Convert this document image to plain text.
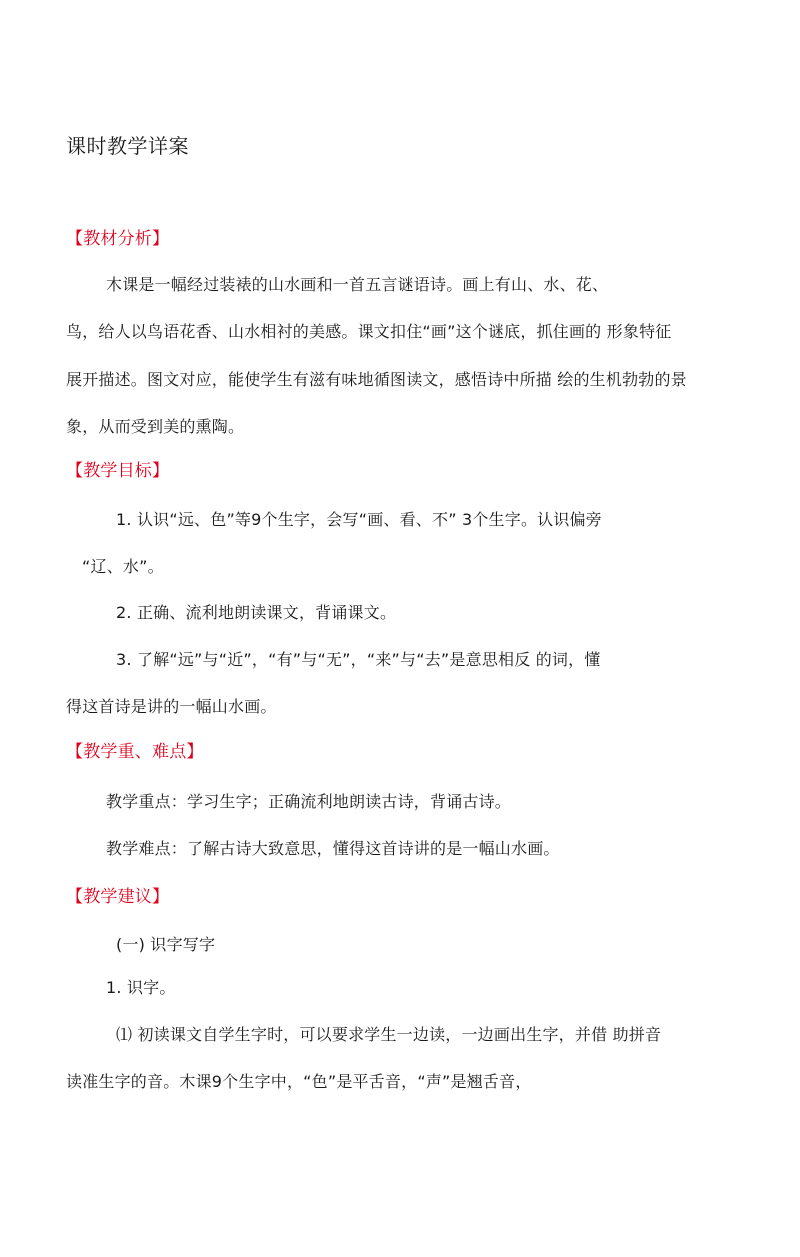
课时教学详案
【教材分析】
木课是一幅经过装裱的山水画和一首五言谜语诗。画上有山、水、花、
鸟，给人以鸟语花香、山水相衬的美感。课文扣住“画”这个谜底，抓住画的 形象特征
展开描述。图文对应，能使学生有滋有味地循图读文，感悟诗中所描 绘的生机勃勃的景
象，从而受到美的熏陶。
【教学目标】
1. 认识“远、色”等9个生字，会写“画、看、不” 3个生字。认识偏旁
“辽、水”。
2. 正确、流利地朗读课文，背诵课文。
3. 了解“远”与“近”，“有”与“无”，“来”与“去”是意思相反 的词，懂
得这首诗是讲的一幅山水画。
【教学重、难点】
教学重点：学习生字；正确流利地朗读古诗，背诵古诗。
教学难点：了解古诗大致意思，懂得这首诗讲的是一幅山水画。
【教学建议】
(一) 识字写字
1. 识字。
⑴ 初读课文自学生字时，可以要求学生一边读，一边画出生字，并借 助拼音
读准生字的音。木课9个生字中，“色”是平舌音，“声”是翘舌音，
